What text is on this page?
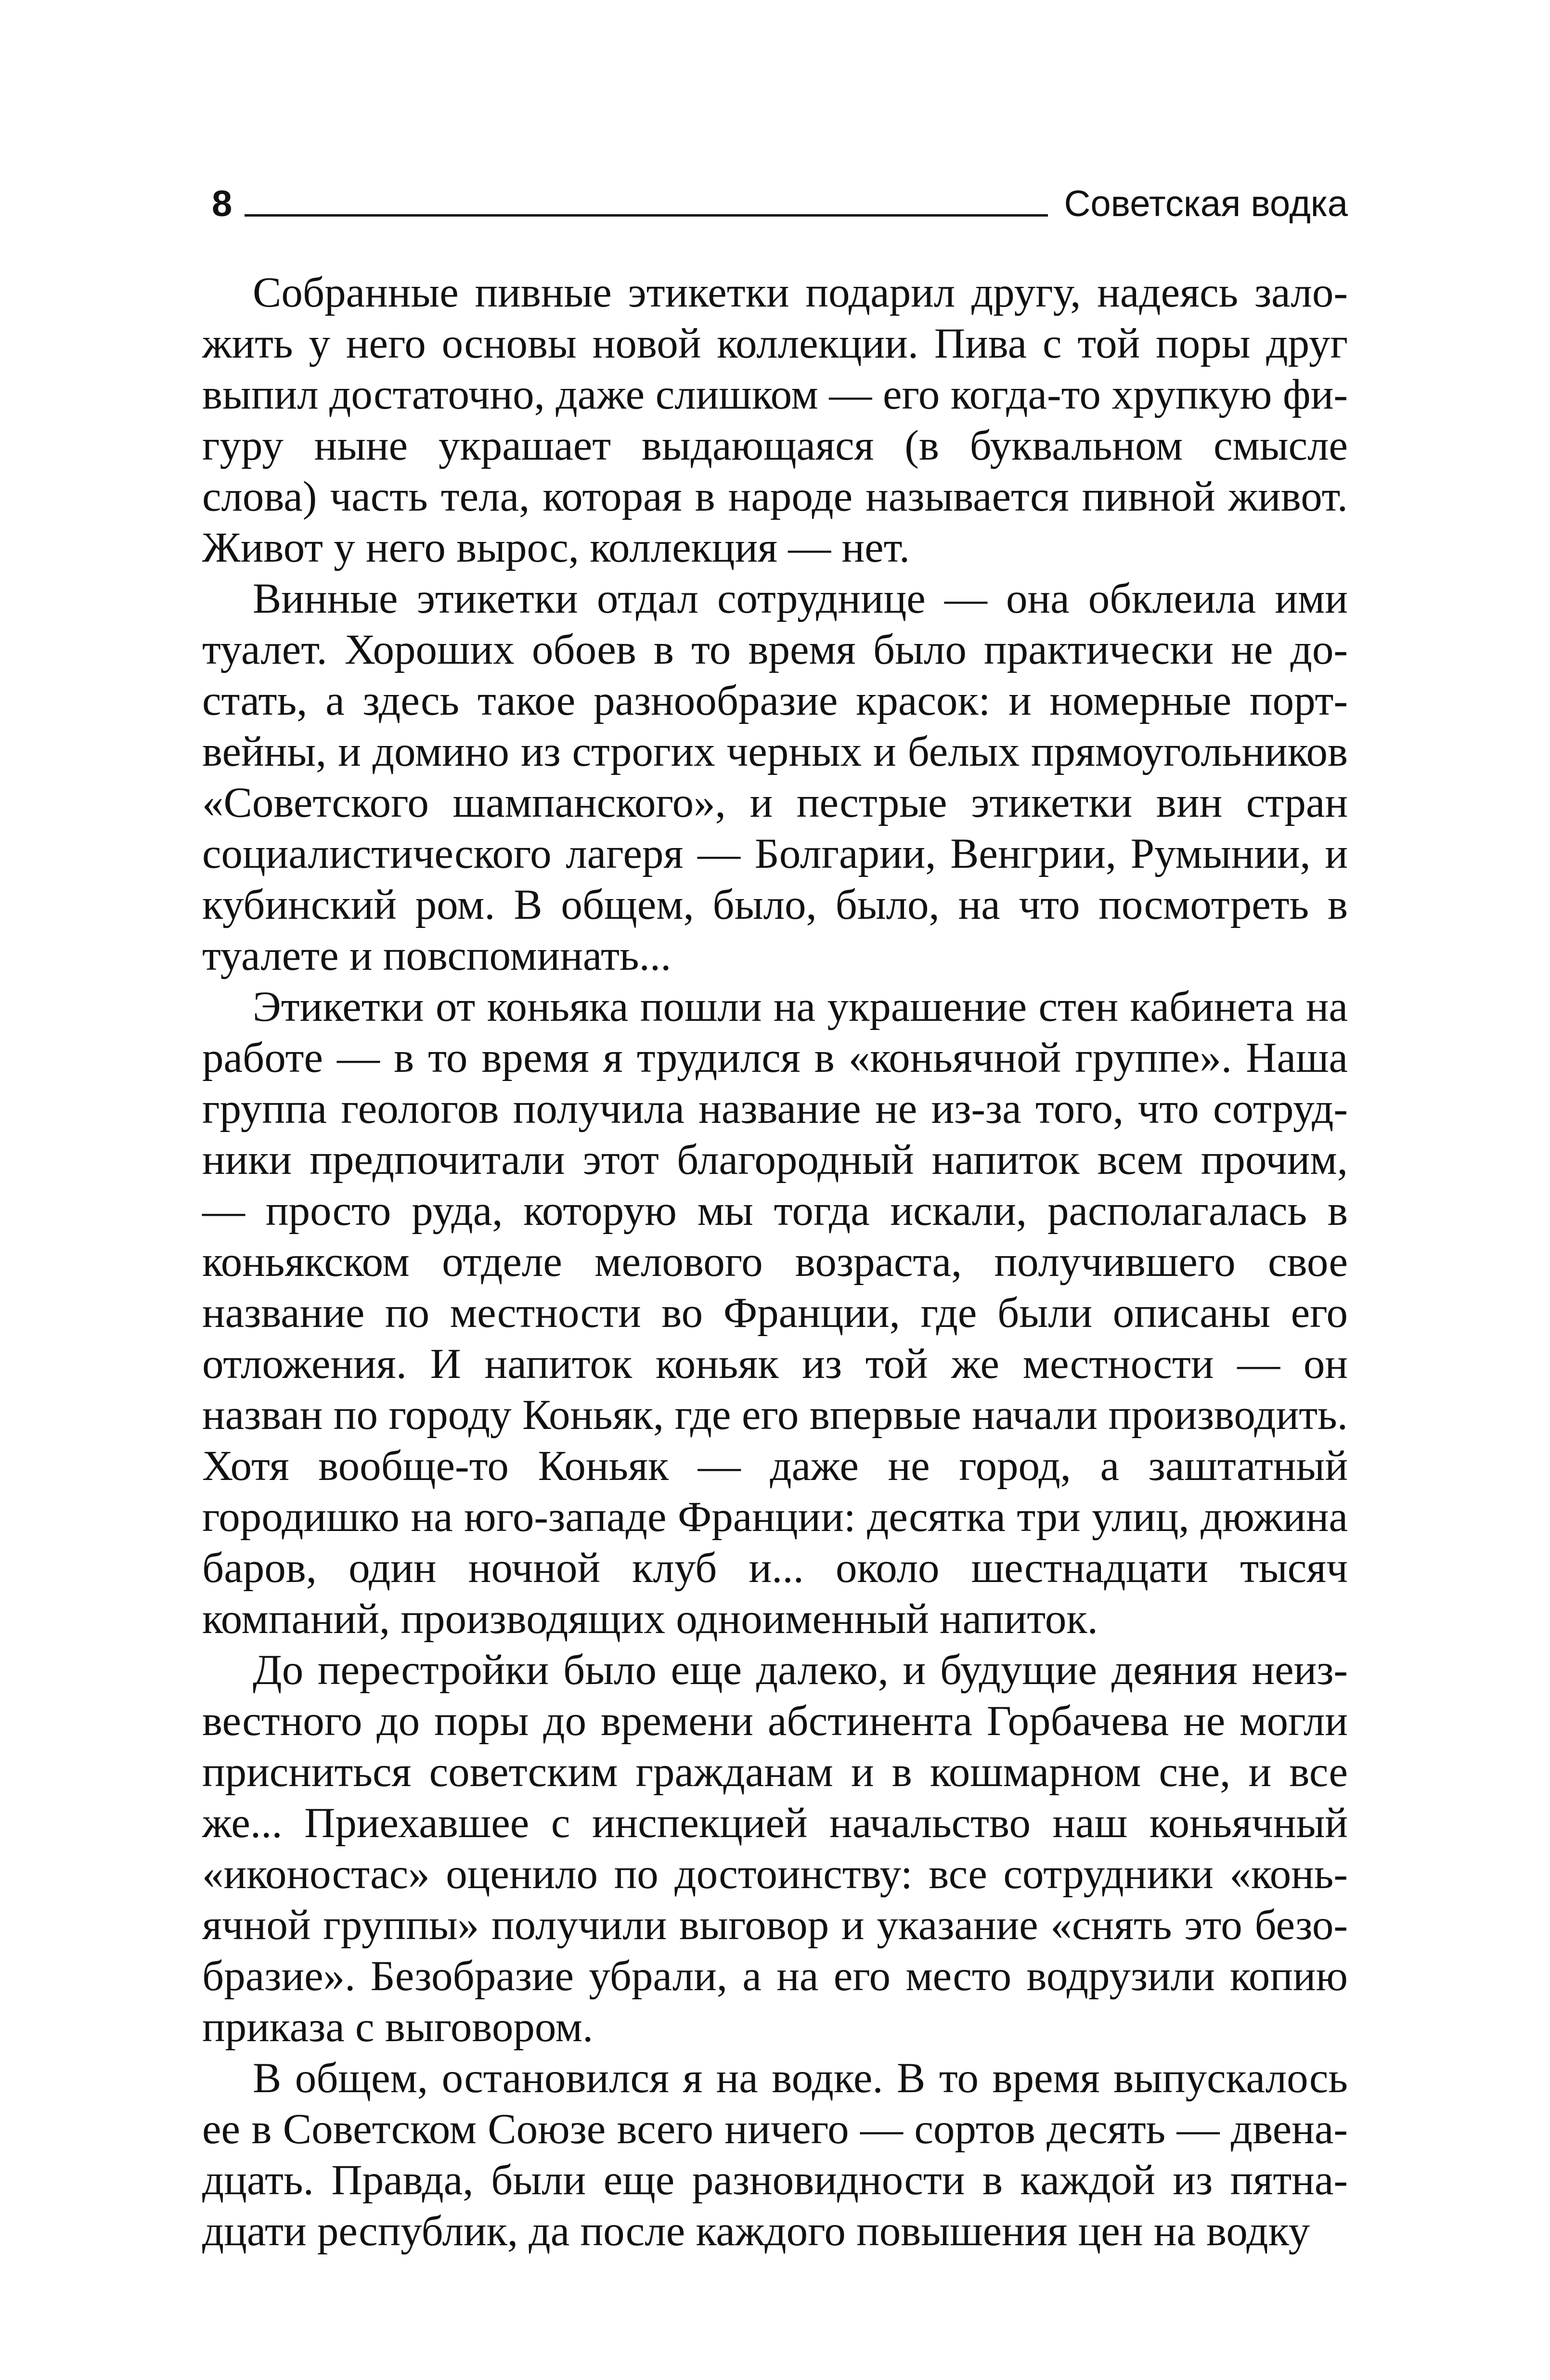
8	Советская водка

Собранные пивные этикетки подарил другу, надеясь заложить у него основы новой коллекции. Пива с той поры друг выпил достаточно, даже слишком — его когда-то хрупкую фигуру ныне украшает выдающаяся (в буквальном смысле слова) часть тела, которая в народе называется пивной живот. Живот у него вырос, коллекция — нет.

Винные этикетки отдал сотруднице — она обклеила ими туалет. Хороших обоев в то время было практически не достать, а здесь такое разнообразие красок: и номерные портвейны, и домино из строгих черных и белых прямоугольников «Советского шампанского», и пестрые этикетки вин стран социалистического лагеря — Болгарии, Венгрии, Румынии, и кубинский ром. В общем, было, было, на что посмотреть в туалете и повспоминать...

Этикетки от коньяка пошли на украшение стен кабинета на работе — в то время я трудился в «коньячной группе». Наша группа геологов получила название не из-за того, что сотрудники предпочитали этот благородный напиток всем прочим, — просто руда, которую мы тогда искали, располагалась в коньякском отделе мелового возраста, получившего свое название по местности во Франции, где были описаны его отложения. И напиток коньяк из той же местности — он назван по городу Коньяк, где его впервые начали производить. Хотя вообще-то Коньяк — даже не город, а заштатный городишко на юго-западе Франции: десятка три улиц, дюжина баров, один ночной клуб и... около шестнадцати тысяч компаний, производящих одноименный напиток.

До перестройки было еще далеко, и будущие деяния неизвестного до поры до времени абстинента Горбачева не могли присниться советским гражданам и в кошмарном сне, и все же... Приехавшее с инспекцией начальство наш коньячный «иконостас» оценило по достоинству: все сотрудники «коньячной группы» получили выговор и указание «снять это безобразие». Безобразие убрали, а на его место водрузили копию приказа с выговором.

В общем, остановился я на водке. В то время выпускалось ее в Советском Союзе всего ничего — сортов десять — двенадцать. Правда, были еще разновидности в каждой из пятнадцати республик, да после каждого повышения цен на водку
